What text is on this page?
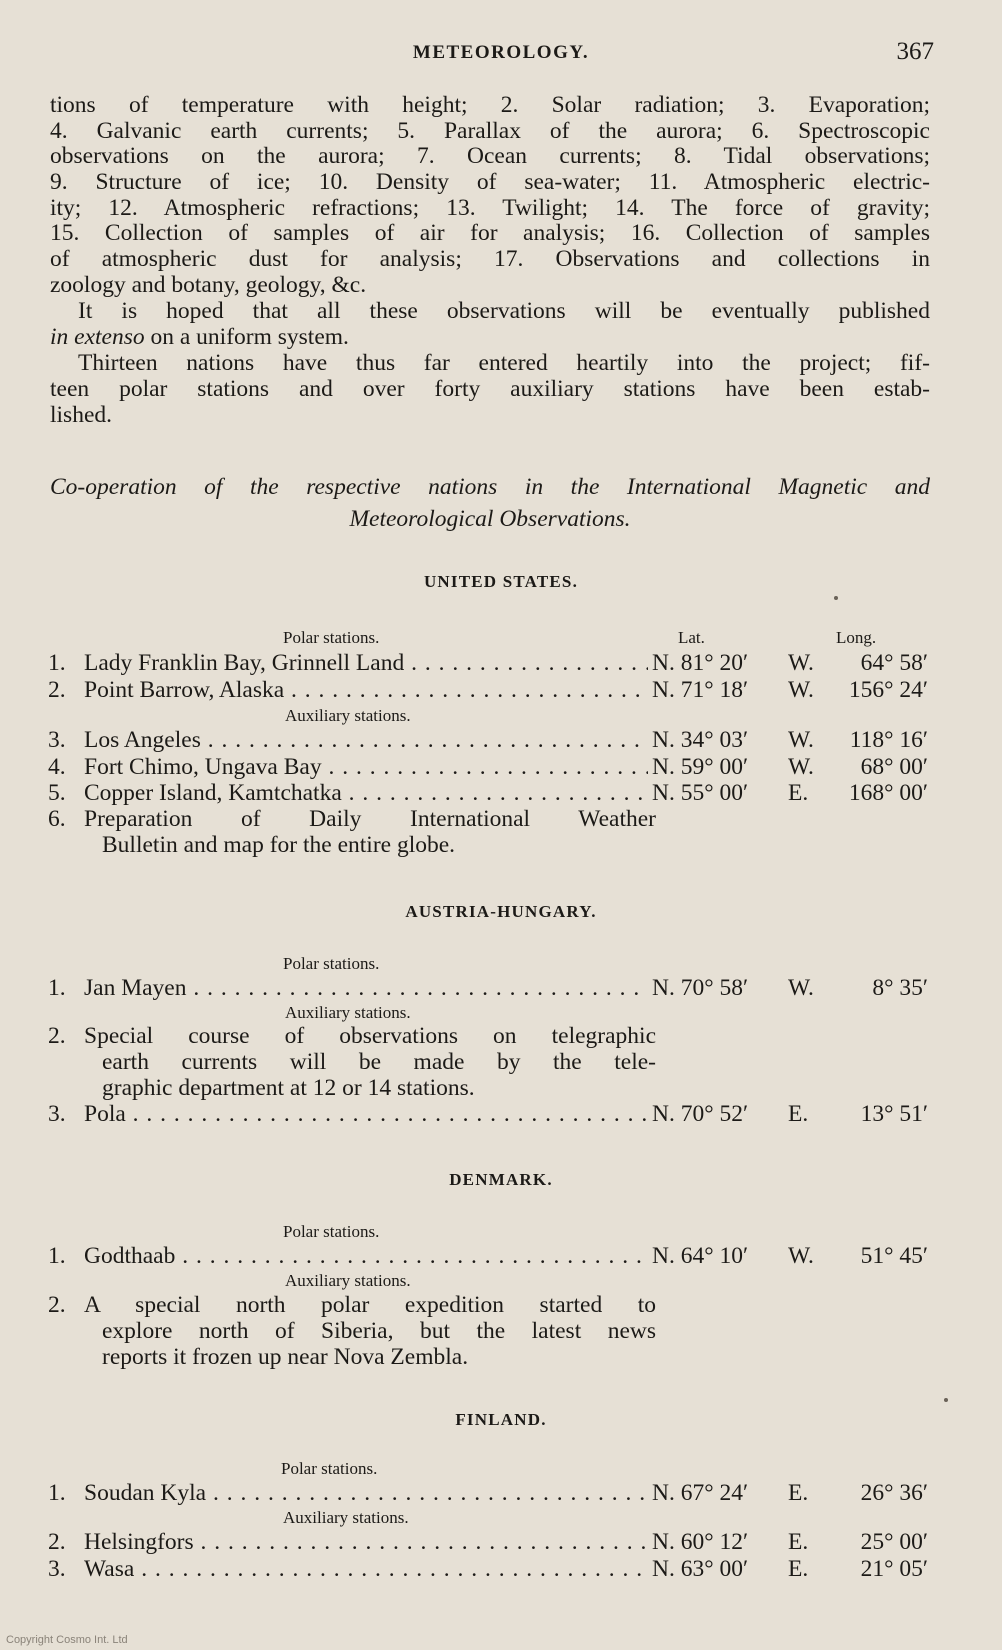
METEOROLOGY.	367
tions of temperature with height; 2. Solar radiation; 3. Evaporation;
4. Galvanic earth currents; 5. Parallax of the aurora; 6. Spectroscopic
observations on the aurora; 7. Ocean currents; 8. Tidal observations;
9. Structure of ice; 10. Density of sea-water; 11. Atmospheric electric-
ity; 12. Atmospheric refractions; 13. Twilight; 14. The force of gravity;
15. Collection of samples of air for analysis; 16. Collection of samples
of atmospheric dust for analysis; 17. Observations and collections in
zoology and botany, geology, &c.
It is hoped that all these observations will be eventually published
in extenso on a uniform system.
Thirteen nations have thus far entered heartily into the project; fif-
teen polar stations and over forty auxiliary stations have been estab-
lished.
Co-operation of the respective nations in the International Magnetic and
Meteorological Observations.
UNITED STATES.
Polar stations.	Lat.	Long.
1. Lady Franklin Bay, Grinnell Land . . .	N. 81° 20′	W. 64° 58′
2. Point Barrow, Alaska . . .	N. 71° 18′	W. 156° 24′
Auxiliary stations.
3. Los Angeles . . .	N. 34° 03′	W. 118° 16′
4. Fort Chimo, Ungava Bay . . .	N. 59° 00′	W. 68° 00′
5. Copper Island, Kamtchatka . . .	N. 55° 00′	E. 168° 00′
6. Preparation of Daily International Weather
Bulletin and map for the entire globe.
AUSTRIA-HUNGARY.
Polar stations.
1. Jan Mayen . . .	N. 70° 58′	W. 8° 35′
Auxiliary stations.
2. Special course of observations on telegraphic
earth currents will be made by the tele-
graphic department at 12 or 14 stations.
3. Pola . . .	N. 70° 52′	E. 13° 51′
DENMARK.
Polar stations.
1. Godthaab . . .	N. 64° 10′	W. 51° 45′
Auxiliary stations.
2. A special north polar expedition started to
explore north of Siberia, but the latest news
reports it frozen up near Nova Zembla.
FINLAND.
Polar stations.
1. Soudan Kyla . . .	N. 67° 24′	E. 26° 36′
Auxiliary stations.
2. Helsingfors . . .	N. 60° 12′	E. 25° 00′
3. Wasa . . .	N. 63° 00′	E. 21° 05′
Copyright Cosmo Int. Ltd
